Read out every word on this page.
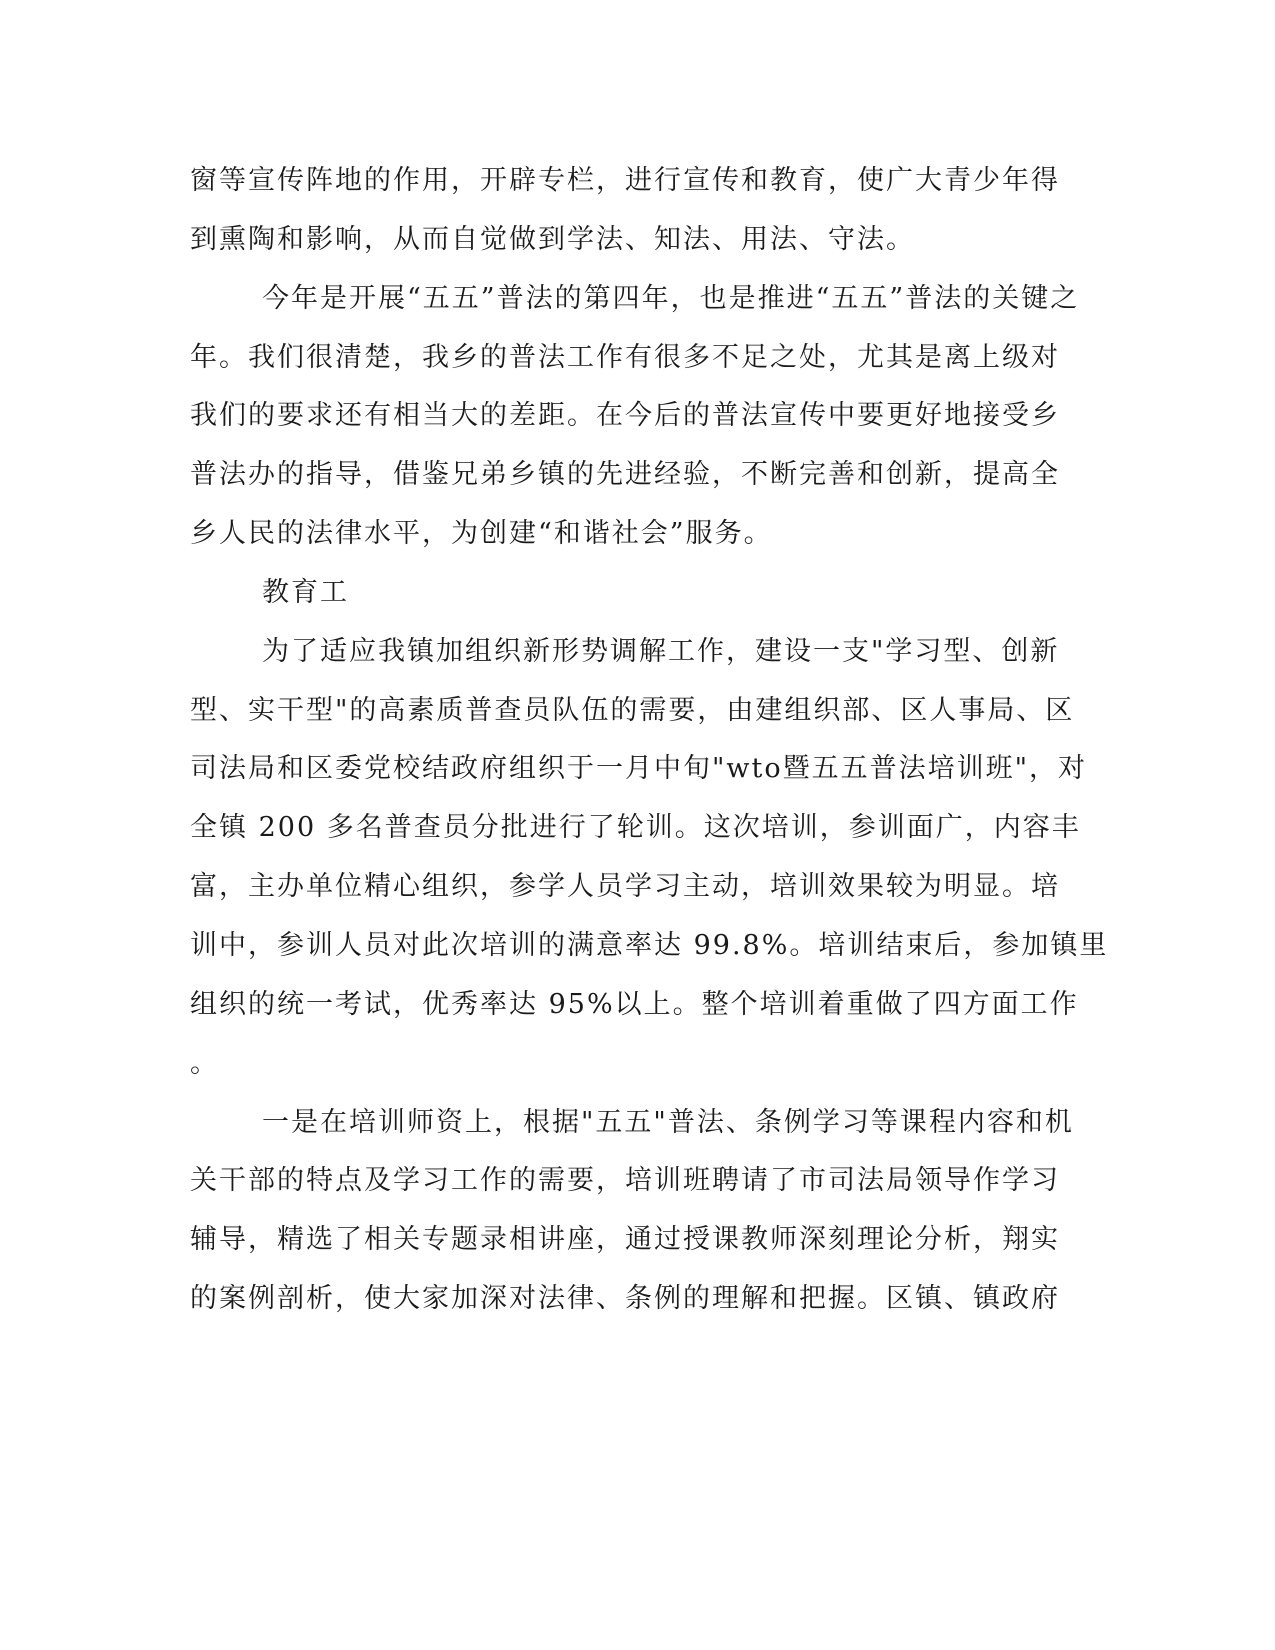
窗等宣传阵地的作用，开辟专栏，进行宣传和教育，使广大青少年得
到熏陶和影响，从而自觉做到学法、知法、用法、守法。
今年是开展“五五”普法的第四年，也是推进“五五”普法的关键之
年。我们很清楚，我乡的普法工作有很多不足之处，尤其是离上级对
我们的要求还有相当大的差距。在今后的普法宣传中要更好地接受乡
普法办的指导，借鉴兄弟乡镇的先进经验，不断完善和创新，提高全
乡人民的法律水平，为创建“和谐社会”服务。
教育工
为了适应我镇加组织新形势调解工作，建设一支"学习型、创新
型、实干型"的高素质普查员队伍的需要，由建组织部、区人事局、区
司法局和区委党校结政府组织于一月中旬"wto暨五五普法培训班"，对
全镇 200 多名普查员分批进行了轮训。这次培训，参训面广，内容丰
富，主办单位精心组织，参学人员学习主动，培训效果较为明显。培
训中，参训人员对此次培训的满意率达 99.8%。培训结束后，参加镇里
组织的统一考试，优秀率达 95%以上。整个培训着重做了四方面工作
。
一是在培训师资上，根据"五五"普法、条例学习等课程内容和机
关干部的特点及学习工作的需要，培训班聘请了市司法局领导作学习
辅导，精选了相关专题录相讲座，通过授课教师深刻理论分析，翔实
的案例剖析，使大家加深对法律、条例的理解和把握。区镇、镇政府
